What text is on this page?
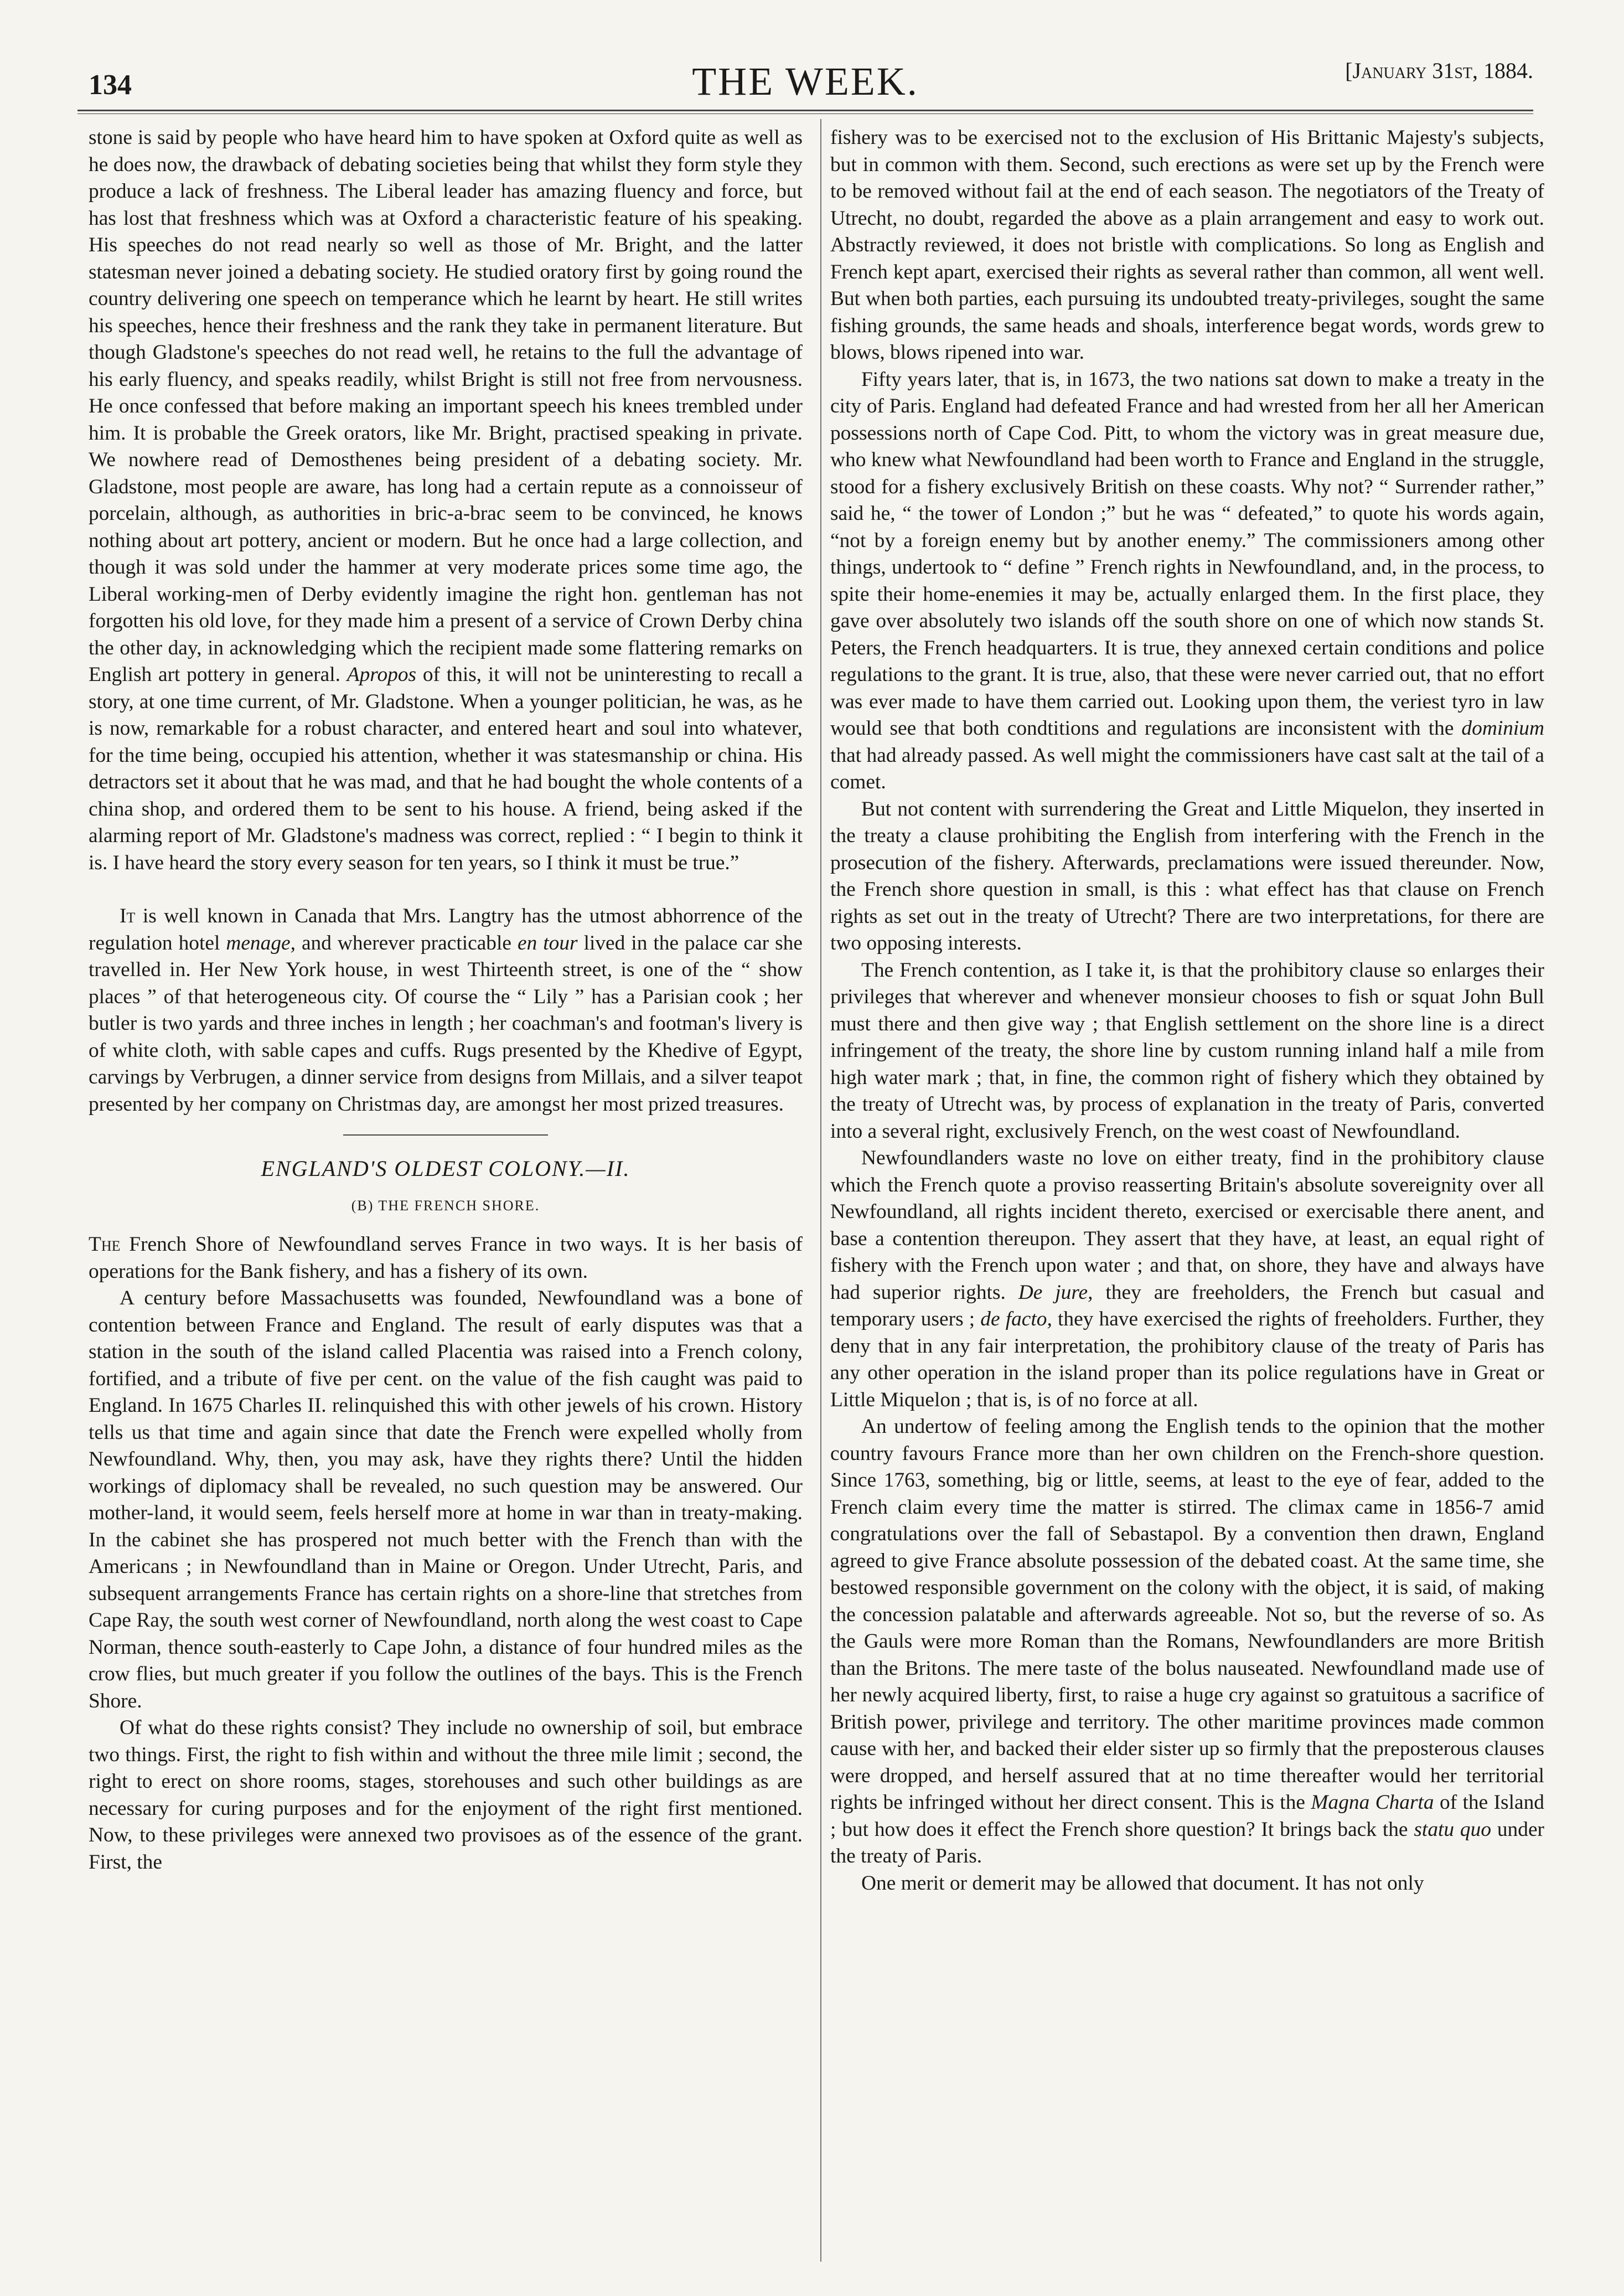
134	THE WEEK.	[January 31st, 1884.

stone is said by people who have heard him to have spoken at Oxford quite as well as he does now, the drawback of debating societies being that whilst they form style they produce a lack of freshness. The Liberal leader has amazing fluency and force, but has lost that freshness which was at Oxford a characteristic feature of his speaking. His speeches do not read nearly so well as those of Mr. Bright, and the latter statesman never joined a debating society. He studied oratory first by going round the country delivering one speech on temperance which he learnt by heart. He still writes his speeches, hence their freshness and the rank they take in permanent literature. But though Gladstone's speeches do not read well, he retains to the full the advantage of his early fluency, and speaks readily, whilst Bright is still not free from nervousness. He once confessed that before making an important speech his knees trembled under him. It is probable the Greek orators, like Mr. Bright, practised speaking in private. We nowhere read of Demosthenes being president of a debating society. Mr. Gladstone, most people are aware, has long had a certain repute as a connoisseur of porcelain, although, as authorities in bric-a-brac seem to be convinced, he knows nothing about art pottery, ancient or modern. But he once had a large collection, and though it was sold under the hammer at very moderate prices some time ago, the Liberal working-men of Derby evidently imagine the right hon. gentleman has not forgotten his old love, for they made him a present of a service of Crown Derby china the other day, in acknowledging which the recipient made some flattering remarks on English art pottery in general. Apropos of this, it will not be uninteresting to recall a story, at one time current, of Mr. Gladstone. When a younger politician, he was, as he is now, remarkable for a robust character, and entered heart and soul into whatever, for the time being, occupied his attention, whether it was statesmanship or china. His detractors set it about that he was mad, and that he had bought the whole contents of a china shop, and ordered them to be sent to his house. A friend, being asked if the alarming report of Mr. Gladstone's madness was correct, replied : “ I begin to think it is. I have heard the story every season for ten years, so I think it must be true.”

It is well known in Canada that Mrs. Langtry has the utmost abhorrence of the regulation hotel menage, and wherever practicable en tour lived in the palace car she travelled in. Her New York house, in west Thirteenth street, is one of the “ show places ” of that heterogeneous city. Of course the “ Lily ” has a Parisian cook ; her butler is two yards and three inches in length ; her coachman's and footman's livery is of white cloth, with sable capes and cuffs. Rugs presented by the Khedive of Egypt, carvings by Verbrugen, a dinner service from designs from Millais, and a silver teapot presented by her company on Christmas day, are amongst her most prized treasures.

ENGLAND'S OLDEST COLONY.—II.
(B) THE FRENCH SHORE.

The French Shore of Newfoundland serves France in two ways. It is her basis of operations for the Bank fishery, and has a fishery of its own.

A century before Massachusetts was founded, Newfoundland was a bone of contention between France and England. The result of early disputes was that a station in the south of the island called Placentia was raised into a French colony, fortified, and a tribute of five per cent. on the value of the fish caught was paid to England. In 1675 Charles II. relinquished this with other jewels of his crown. History tells us that time and again since that date the French were expelled wholly from Newfoundland. Why, then, you may ask, have they rights there? Until the hidden workings of diplomacy shall be revealed, no such question may be answered. Our mother-land, it would seem, feels herself more at home in war than in treaty-making. In the cabinet she has prospered not much better with the French than with the Americans ; in Newfoundland than in Maine or Oregon. Under Utrecht, Paris, and subsequent arrangements France has certain rights on a shore-line that stretches from Cape Ray, the south west corner of Newfoundland, north along the west coast to Cape Norman, thence south-easterly to Cape John, a distance of four hundred miles as the crow flies, but much greater if you follow the outlines of the bays. This is the French Shore.

Of what do these rights consist? They include no ownership of soil, but embrace two things. First, the right to fish within and without the three mile limit ; second, the right to erect on shore rooms, stages, storehouses and such other buildings as are necessary for curing purposes and for the enjoyment of the right first mentioned. Now, to these privileges were annexed two provisoes as of the essence of the grant. First, the

fishery was to be exercised not to the exclusion of His Brittanic Majesty's subjects, but in common with them. Second, such erections as were set up by the French were to be removed without fail at the end of each season. The negotiators of the Treaty of Utrecht, no doubt, regarded the above as a plain arrangement and easy to work out. Abstractly reviewed, it does not bristle with complications. So long as English and French kept apart, exercised their rights as several rather than common, all went well. But when both parties, each pursuing its undoubted treaty-privileges, sought the same fishing grounds, the same heads and shoals, interference begat words, words grew to blows, blows ripened into war.

Fifty years later, that is, in 1673, the two nations sat down to make a treaty in the city of Paris. England had defeated France and had wrested from her all her American possessions north of Cape Cod. Pitt, to whom the victory was in great measure due, who knew what Newfoundland had been worth to France and England in the struggle, stood for a fishery exclusively British on these coasts. Why not? “ Surrender rather,” said he, “ the tower of London ;” but he was “ defeated,” to quote his words again, “not by a foreign enemy but by another enemy.” The commissioners among other things, undertook to “ define ” French rights in Newfoundland, and, in the process, to spite their home-enemies it may be, actually enlarged them. In the first place, they gave over absolutely two islands off the south shore on one of which now stands St. Peters, the French headquarters. It is true, they annexed certain conditions and police regulations to the grant. It is true, also, that these were never carried out, that no effort was ever made to have them carried out. Looking upon them, the veriest tyro in law would see that both condtitions and regulations are inconsistent with the dominium that had already passed. As well might the commissioners have cast salt at the tail of a comet.

But not content with surrendering the Great and Little Miquelon, they inserted in the treaty a clause prohibiting the English from interfering with the French in the prosecution of the fishery. Afterwards, preclamations were issued thereunder. Now, the French shore question in small, is this : what effect has that clause on French rights as set out in the treaty of Utrecht? There are two interpretations, for there are two opposing interests.

The French contention, as I take it, is that the prohibitory clause so enlarges their privileges that wherever and whenever monsieur chooses to fish or squat John Bull must there and then give way ; that English settlement on the shore line is a direct infringement of the treaty, the shore line by custom running inland half a mile from high water mark ; that, in fine, the common right of fishery which they obtained by the treaty of Utrecht was, by process of explanation in the treaty of Paris, converted into a several right, exclusively French, on the west coast of Newfoundland.

Newfoundlanders waste no love on either treaty, find in the prohibitory clause which the French quote a proviso reasserting Britain's absolute sovereignity over all Newfoundland, all rights incident thereto, exercised or exercisable there anent, and base a contention thereupon. They assert that they have, at least, an equal right of fishery with the French upon water ; and that, on shore, they have and always have had superior rights. De jure, they are freeholders, the French but casual and temporary users ; de facto, they have exercised the rights of freeholders. Further, they deny that in any fair interpretation, the prohibitory clause of the treaty of Paris has any other operation in the island proper than its police regulations have in Great or Little Miquelon ; that is, is of no force at all.

An undertow of feeling among the English tends to the opinion that the mother country favours France more than her own children on the French-shore question. Since 1763, something, big or little, seems, at least to the eye of fear, added to the French claim every time the matter is stirred. The climax came in 1856-7 amid congratulations over the fall of Sebastapol. By a convention then drawn, England agreed to give France absolute possession of the debated coast. At the same time, she bestowed responsible government on the colony with the object, it is said, of making the concession palatable and afterwards agreeable. Not so, but the reverse of so. As the Gauls were more Roman than the Romans, Newfoundlanders are more British than the Britons. The mere taste of the bolus nauseated. Newfoundland made use of her newly acquired liberty, first, to raise a huge cry against so gratuitous a sacrifice of British power, privilege and territory. The other maritime provinces made common cause with her, and backed their elder sister up so firmly that the preposterous clauses were dropped, and herself assured that at no time thereafter would her territorial rights be infringed without her direct consent. This is the Magna Charta of the Island ; but how does it effect the French shore question? It brings back the statu quo under the treaty of Paris.

One merit or demerit may be allowed that document. It has not only
